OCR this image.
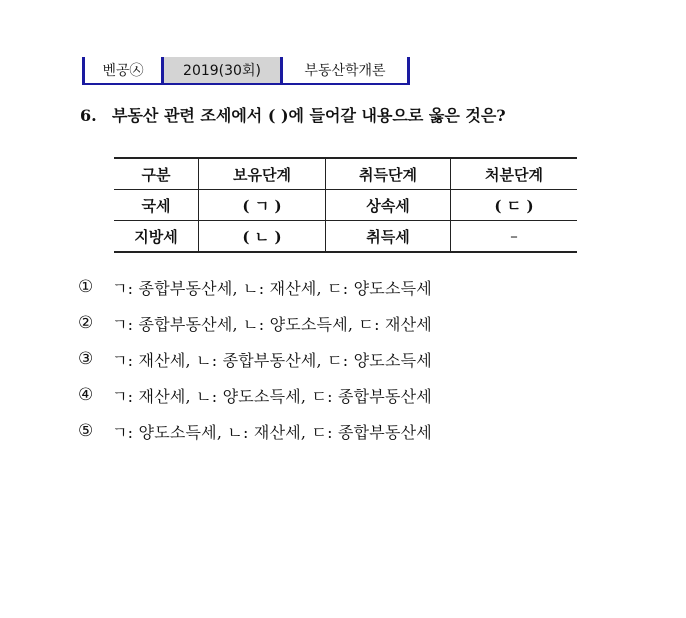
벤공㉦	2019(30회)	부동산학개론
6. 부동산 관련 조세에서 ( )에 들어갈 내용으로 옳은 것은?
구분	보유단계	취득단계	처분단계
국세	( ㄱ )	상속세	( ㄷ )
지방세	( ㄴ )	취득세	–
①	ㄱ: 종합부동산세, ㄴ: 재산세, ㄷ: 양도소득세
②	ㄱ: 종합부동산세, ㄴ: 양도소득세, ㄷ: 재산세
③	ㄱ: 재산세, ㄴ: 종합부동산세, ㄷ: 양도소득세
④	ㄱ: 재산세, ㄴ: 양도소득세, ㄷ: 종합부동산세
⑤	ㄱ: 양도소득세, ㄴ: 재산세, ㄷ: 종합부동산세
